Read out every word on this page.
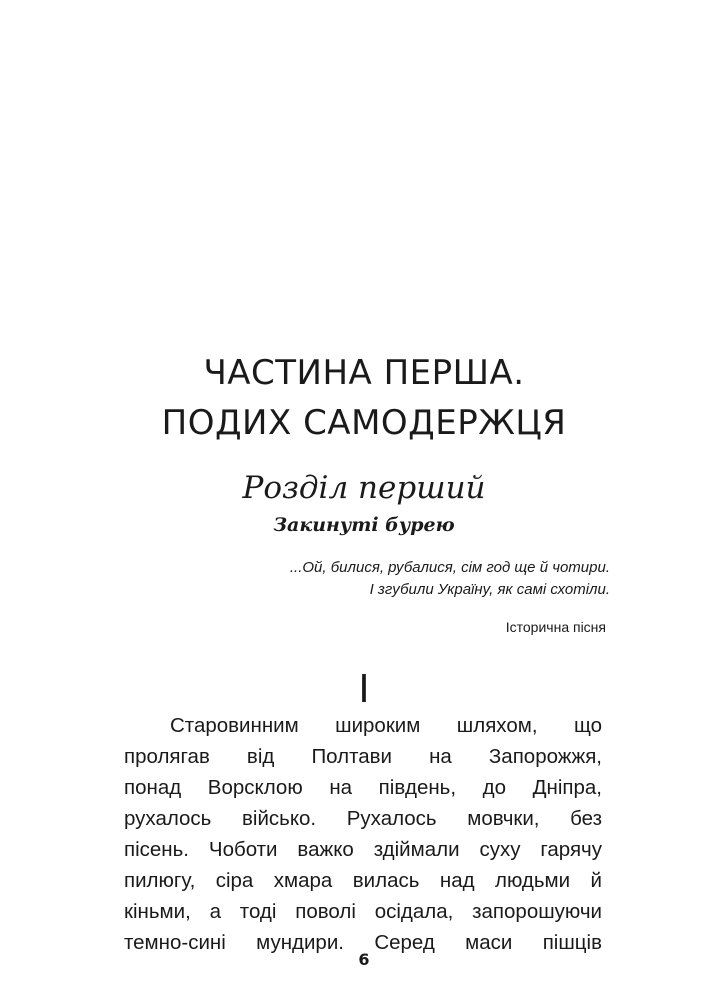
ЧАСТИНА ПЕРША.
ПОДИХ САМОДЕРЖЦЯ
Розділ перший
Закинуті бурею
...Ой, билися, рубалися, сім год ще й чотири.
І згубили Україну, як самі схотіли.
Історична пісня
I
Старовинним широким шляхом, що
пролягав від Полтави на Запорожжя,
понад Ворсклою на південь, до Дніпра,
рухалось військо. Рухалось мовчки, без
пісень. Чоботи важко здіймали суху гарячу
пилюгу, сіра хмара вилась над людьми й
кіньми, а тоді поволі осідала, запорошуючи
темно-сині мундири. Серед маси пішців
6
